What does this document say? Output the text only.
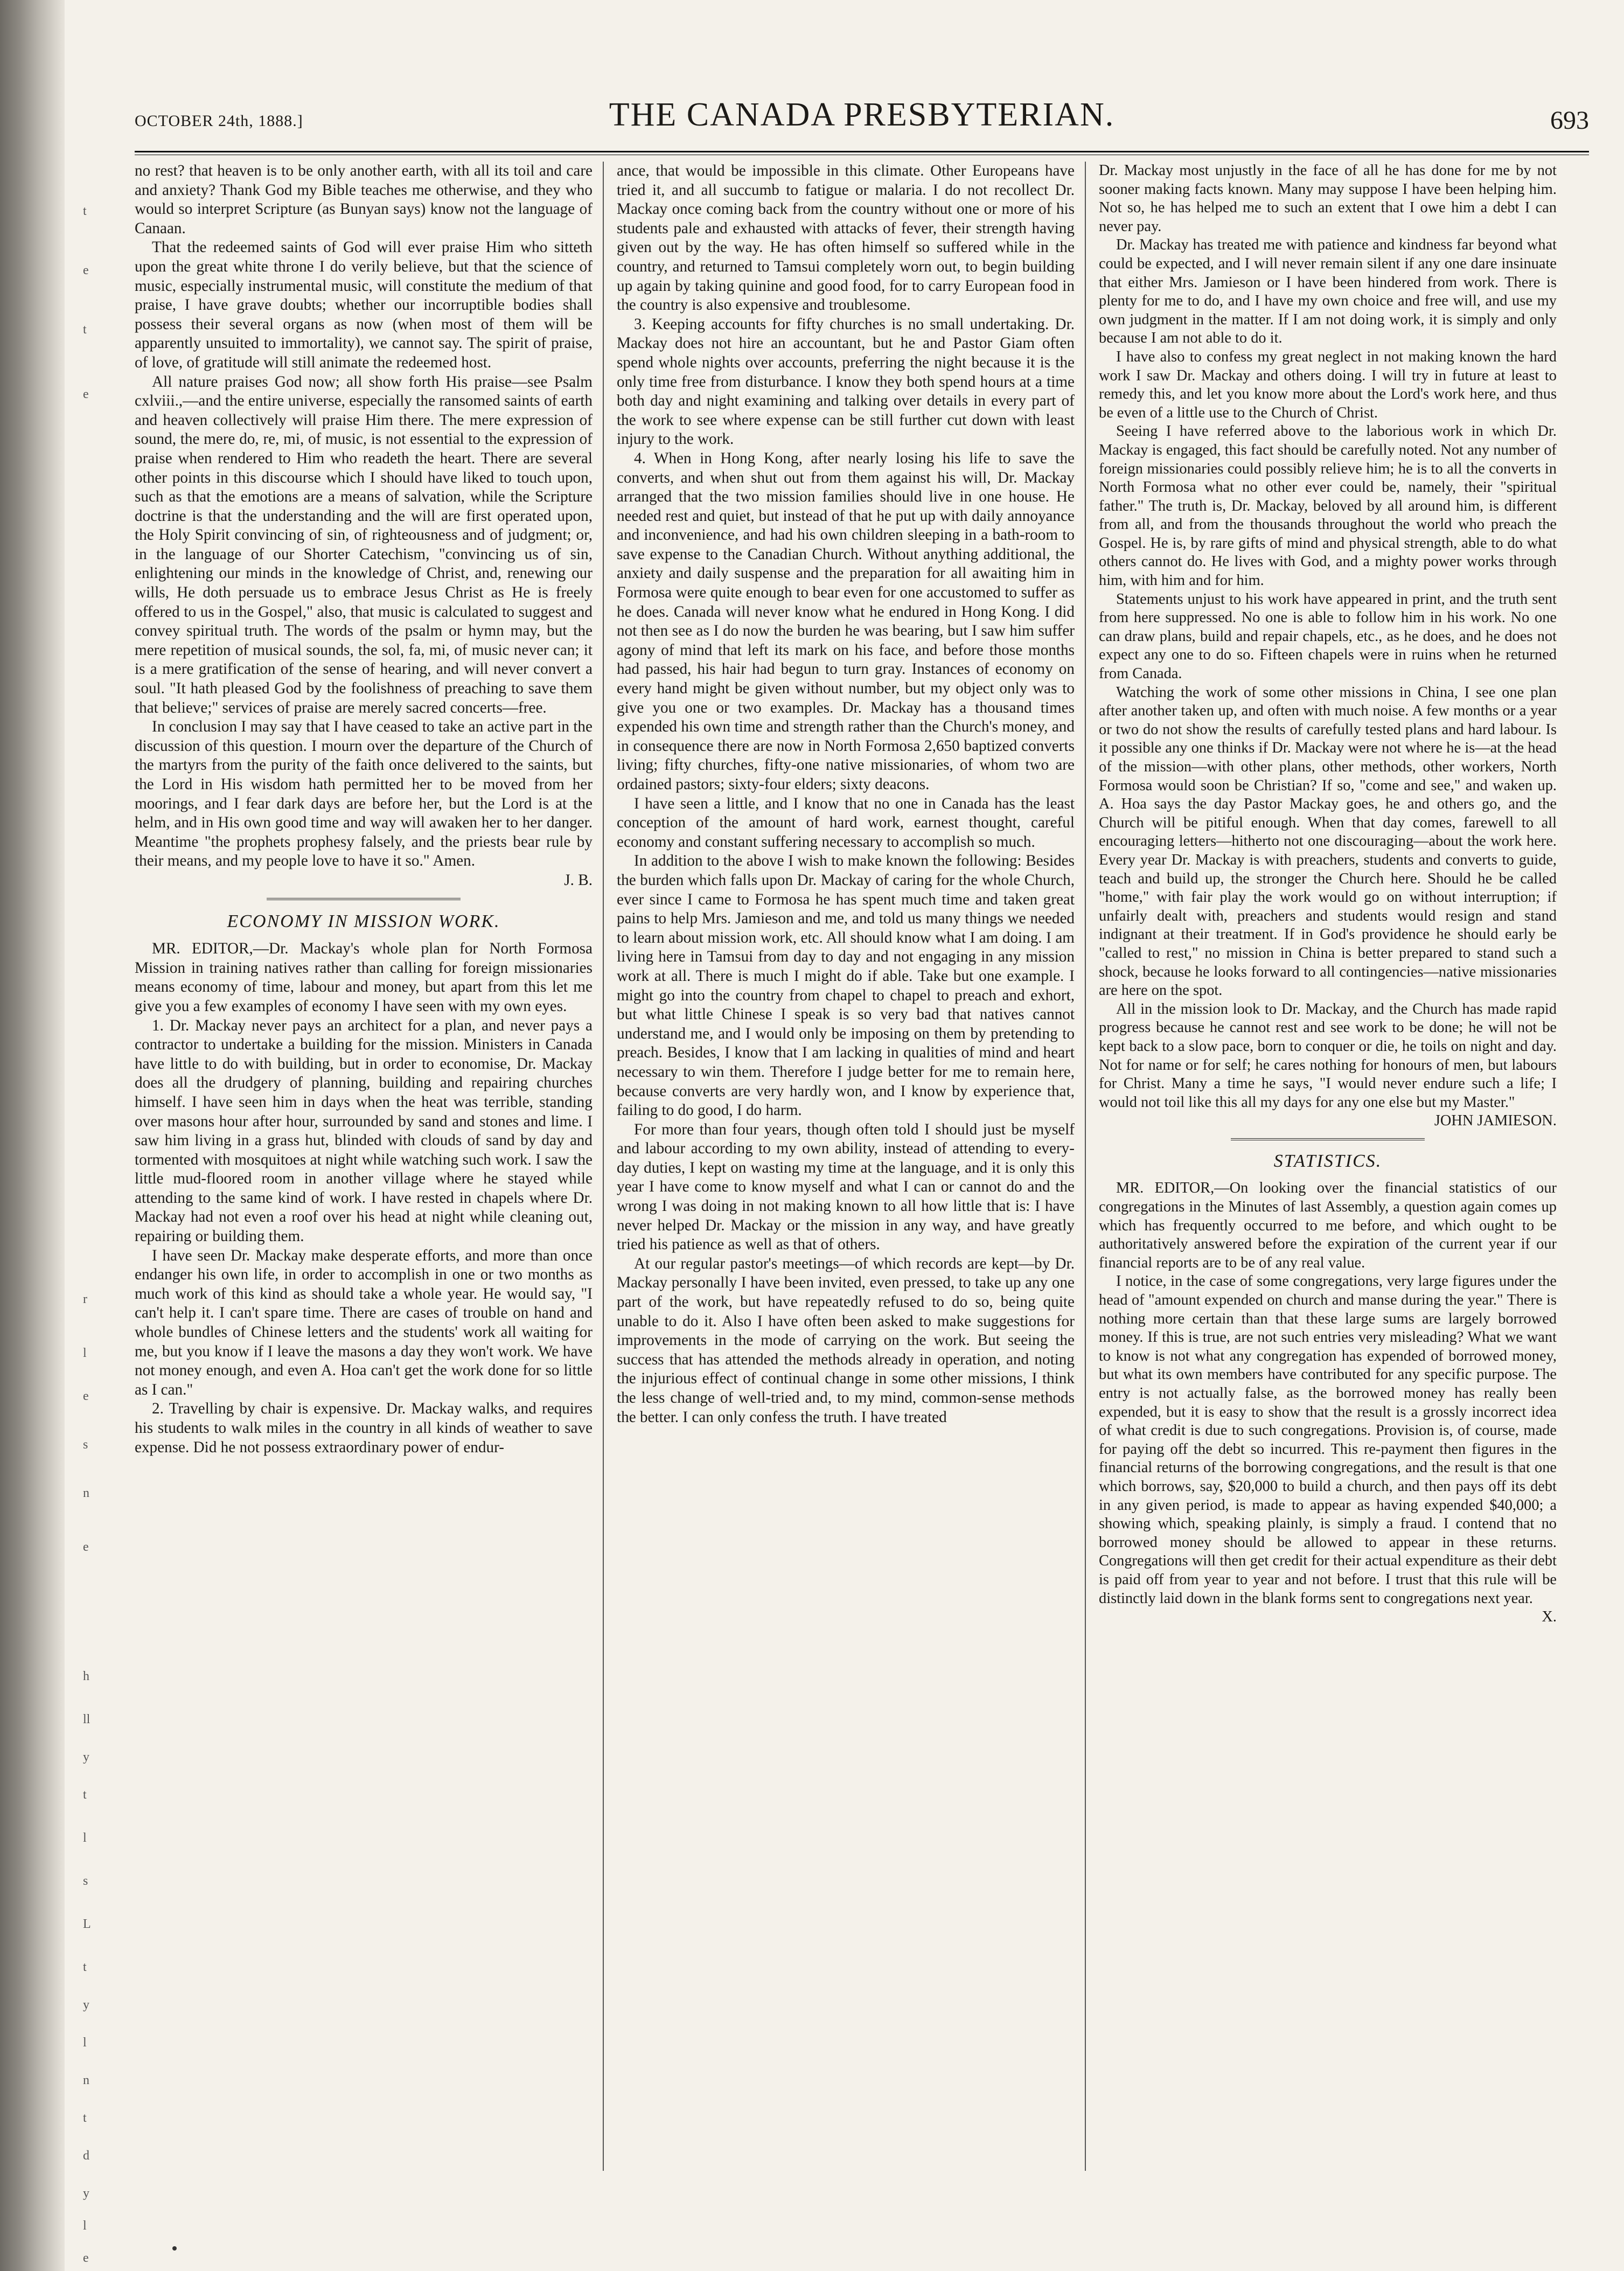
t
e
t
e
r
l
e
s
n
e
h
ll
y
t
l
s
L
t
y
l
n
t
d
y
l
e
OCTOBER 24th, 1888.]	THE CANADA PRESBYTERIAN.	693

no rest? that heaven is to be only another earth, with all its toil and care and anxiety? Thank God my Bible teaches me otherwise, and they who would so interpret Scripture (as Bunyan says) know not the language of Canaan.

That the redeemed saints of God will ever praise Him who sitteth upon the great white throne I do verily believe, but that the science of music, especially instrumental music, will constitute the medium of that praise, I have grave doubts; whether our incorruptible bodies shall possess their several organs as now (when most of them will be apparently unsuited to immortality), we cannot say. The spirit of praise, of love, of gratitude will still animate the redeemed host.

All nature praises God now; all show forth His praise—see Psalm cxlviii.,—and the entire universe, especially the ransomed saints of earth and heaven collectively will praise Him there. The mere expression of sound, the mere do, re, mi, of music, is not essential to the expression of praise when rendered to Him who readeth the heart. There are several other points in this discourse which I should have liked to touch upon, such as that the emotions are a means of salvation, while the Scripture doctrine is that the understanding and the will are first operated upon, the Holy Spirit convincing of sin, of righteousness and of judgment; or, in the language of our Shorter Catechism, "convincing us of sin, enlightening our minds in the knowledge of Christ, and, renewing our wills, He doth persuade us to embrace Jesus Christ as He is freely offered to us in the Gospel," also, that music is calculated to suggest and convey spiritual truth. The words of the psalm or hymn may, but the mere repetition of musical sounds, the sol, fa, mi, of music never can; it is a mere gratification of the sense of hearing, and will never convert a soul. "It hath pleased God by the foolishness of preaching to save them that believe;" services of praise are merely sacred concerts—free.

In conclusion I may say that I have ceased to take an active part in the discussion of this question. I mourn over the departure of the Church of the martyrs from the purity of the faith once delivered to the saints, but the Lord in His wisdom hath permitted her to be moved from her moorings, and I fear dark days are before her, but the Lord is at the helm, and in His own good time and way will awaken her to her danger. Meantime "the prophets prophesy falsely, and the priests bear rule by their means, and my people love to have it so." Amen.

J. B.
ECONOMY IN MISSION WORK.

MR. EDITOR,—Dr. Mackay's whole plan for North Formosa Mission in training natives rather than calling for foreign missionaries means economy of time, labour and money, but apart from this let me give you a few examples of economy I have seen with my own eyes.

1. Dr. Mackay never pays an architect for a plan, and never pays a contractor to undertake a building for the mission. Ministers in Canada have little to do with building, but in order to economise, Dr. Mackay does all the drudgery of planning, building and repairing churches himself. I have seen him in days when the heat was terrible, standing over masons hour after hour, surrounded by sand and stones and lime. I saw him living in a grass hut, blinded with clouds of sand by day and tormented with mosquitoes at night while watching such work. I saw the little mud-floored room in another village where he stayed while attending to the same kind of work. I have rested in chapels where Dr. Mackay had not even a roof over his head at night while cleaning out, repairing or building them.

I have seen Dr. Mackay make desperate efforts, and more than once endanger his own life, in order to accomplish in one or two months as much work of this kind as should take a whole year. He would say, "I can't help it. I can't spare time. There are cases of trouble on hand and whole bundles of Chinese letters and the students' work all waiting for me, but you know if I leave the masons a day they won't work. We have not money enough, and even A. Hoa can't get the work done for so little as I can."

2. Travelling by chair is expensive. Dr. Mackay walks, and requires his students to walk miles in the country in all kinds of weather to save expense. Did he not possess extraordinary power of endur-

ance, that would be impossible in this climate. Other Europeans have tried it, and all succumb to fatigue or malaria. I do not recollect Dr. Mackay once coming back from the country without one or more of his students pale and exhausted with attacks of fever, their strength having given out by the way. He has often himself so suffered while in the country, and returned to Tamsui completely worn out, to begin building up again by taking quinine and good food, for to carry European food in the country is also expensive and troublesome.

3. Keeping accounts for fifty churches is no small undertaking. Dr. Mackay does not hire an accountant, but he and Pastor Giam often spend whole nights over accounts, preferring the night because it is the only time free from disturbance. I know they both spend hours at a time both day and night examining and talking over details in every part of the work to see where expense can be still further cut down with least injury to the work.

4. When in Hong Kong, after nearly losing his life to save the converts, and when shut out from them against his will, Dr. Mackay arranged that the two mission families should live in one house. He needed rest and quiet, but instead of that he put up with daily annoyance and inconvenience, and had his own children sleeping in a bath-room to save expense to the Canadian Church. Without anything additional, the anxiety and daily suspense and the preparation for all awaiting him in Formosa were quite enough to bear even for one accustomed to suffer as he does. Canada will never know what he endured in Hong Kong. I did not then see as I do now the burden he was bearing, but I saw him suffer agony of mind that left its mark on his face, and before those months had passed, his hair had begun to turn gray. Instances of economy on every hand might be given without number, but my object only was to give you one or two examples. Dr. Mackay has a thousand times expended his own time and strength rather than the Church's money, and in consequence there are now in North Formosa 2,650 baptized converts living; fifty churches, fifty-one native missionaries, of whom two are ordained pastors; sixty-four elders; sixty deacons.

I have seen a little, and I know that no one in Canada has the least conception of the amount of hard work, earnest thought, careful economy and constant suffering necessary to accomplish so much.

In addition to the above I wish to make known the following: Besides the burden which falls upon Dr. Mackay of caring for the whole Church, ever since I came to Formosa he has spent much time and taken great pains to help Mrs. Jamieson and me, and told us many things we needed to learn about mission work, etc. All should know what I am doing. I am living here in Tamsui from day to day and not engaging in any mission work at all. There is much I might do if able. Take but one example. I might go into the country from chapel to chapel to preach and exhort, but what little Chinese I speak is so very bad that natives cannot understand me, and I would only be imposing on them by pretending to preach. Besides, I know that I am lacking in qualities of mind and heart necessary to win them. Therefore I judge better for me to remain here, because converts are very hardly won, and I know by experience that, failing to do good, I do harm.

For more than four years, though often told I should just be myself and labour according to my own ability, instead of attending to every-day duties, I kept on wasting my time at the language, and it is only this year I have come to know myself and what I can or cannot do and the wrong I was doing in not making known to all how little that is: I have never helped Dr. Mackay or the mission in any way, and have greatly tried his patience as well as that of others.

At our regular pastor's meetings—of which records are kept—by Dr. Mackay personally I have been invited, even pressed, to take up any one part of the work, but have repeatedly refused to do so, being quite unable to do it. Also I have often been asked to make suggestions for improvements in the mode of carrying on the work. But seeing the success that has attended the methods already in operation, and noting the injurious effect of continual change in some other missions, I think the less change of well-tried and, to my mind, common-sense methods the better. I can only confess the truth. I have treated

Dr. Mackay most unjustly in the face of all he has done for me by not sooner making facts known. Many may suppose I have been helping him. Not so, he has helped me to such an extent that I owe him a debt I can never pay.

Dr. Mackay has treated me with patience and kindness far beyond what could be expected, and I will never remain silent if any one dare insinuate that either Mrs. Jamieson or I have been hindered from work. There is plenty for me to do, and I have my own choice and free will, and use my own judgment in the matter. If I am not doing work, it is simply and only because I am not able to do it.

I have also to confess my great neglect in not making known the hard work I saw Dr. Mackay and others doing. I will try in future at least to remedy this, and let you know more about the Lord's work here, and thus be even of a little use to the Church of Christ.

Seeing I have referred above to the laborious work in which Dr. Mackay is engaged, this fact should be carefully noted. Not any number of foreign missionaries could possibly relieve him; he is to all the converts in North Formosa what no other ever could be, namely, their "spiritual father." The truth is, Dr. Mackay, beloved by all around him, is different from all, and from the thousands throughout the world who preach the Gospel. He is, by rare gifts of mind and physical strength, able to do what others cannot do. He lives with God, and a mighty power works through him, with him and for him.

Statements unjust to his work have appeared in print, and the truth sent from here suppressed. No one is able to follow him in his work. No one can draw plans, build and repair chapels, etc., as he does, and he does not expect any one to do so. Fifteen chapels were in ruins when he returned from Canada.

Watching the work of some other missions in China, I see one plan after another taken up, and often with much noise. A few months or a year or two do not show the results of carefully tested plans and hard labour. Is it possible any one thinks if Dr. Mackay were not where he is—at the head of the mission—with other plans, other methods, other workers, North Formosa would soon be Christian? If so, "come and see," and waken up. A. Hoa says the day Pastor Mackay goes, he and others go, and the Church will be pitiful enough. When that day comes, farewell to all encouraging letters—hitherto not one discouraging—about the work here. Every year Dr. Mackay is with preachers, students and converts to guide, teach and build up, the stronger the Church here. Should he be called "home," with fair play the work would go on without interruption; if unfairly dealt with, preachers and students would resign and stand indignant at their treatment. If in God's providence he should early be "called to rest," no mission in China is better prepared to stand such a shock, because he looks forward to all contingencies—native missionaries are here on the spot.

All in the mission look to Dr. Mackay, and the Church has made rapid progress because he cannot rest and see work to be done; he will not be kept back to a slow pace, born to conquer or die, he toils on night and day. Not for name or for self; he cares nothing for honours of men, but labours for Christ. Many a time he says, "I would never endure such a life; I would not toil like this all my days for any one else but my Master."

JOHN JAMIESON.
STATISTICS.

MR. EDITOR,—On looking over the financial statistics of our congregations in the Minutes of last Assembly, a question again comes up which has frequently occurred to me before, and which ought to be authoritatively answered before the expiration of the current year if our financial reports are to be of any real value.

I notice, in the case of some congregations, very large figures under the head of "amount expended on church and manse during the year." There is nothing more certain than that these large sums are largely borrowed money. If this is true, are not such entries very misleading? What we want to know is not what any congregation has expended of borrowed money, but what its own members have contributed for any specific purpose. The entry is not actually false, as the borrowed money has really been expended, but it is easy to show that the result is a grossly incorrect idea of what credit is due to such congregations. Provision is, of course, made for paying off the debt so incurred. This re-payment then figures in the financial returns of the borrowing congregations, and the result is that one which borrows, say, $20,000 to build a church, and then pays off its debt in any given period, is made to appear as having expended $40,000; a showing which, speaking plainly, is simply a fraud. I contend that no borrowed money should be allowed to appear in these returns. Congregations will then get credit for their actual expenditure as their debt is paid off from year to year and not before. I trust that this rule will be distinctly laid down in the blank forms sent to congregations next year.

X.
